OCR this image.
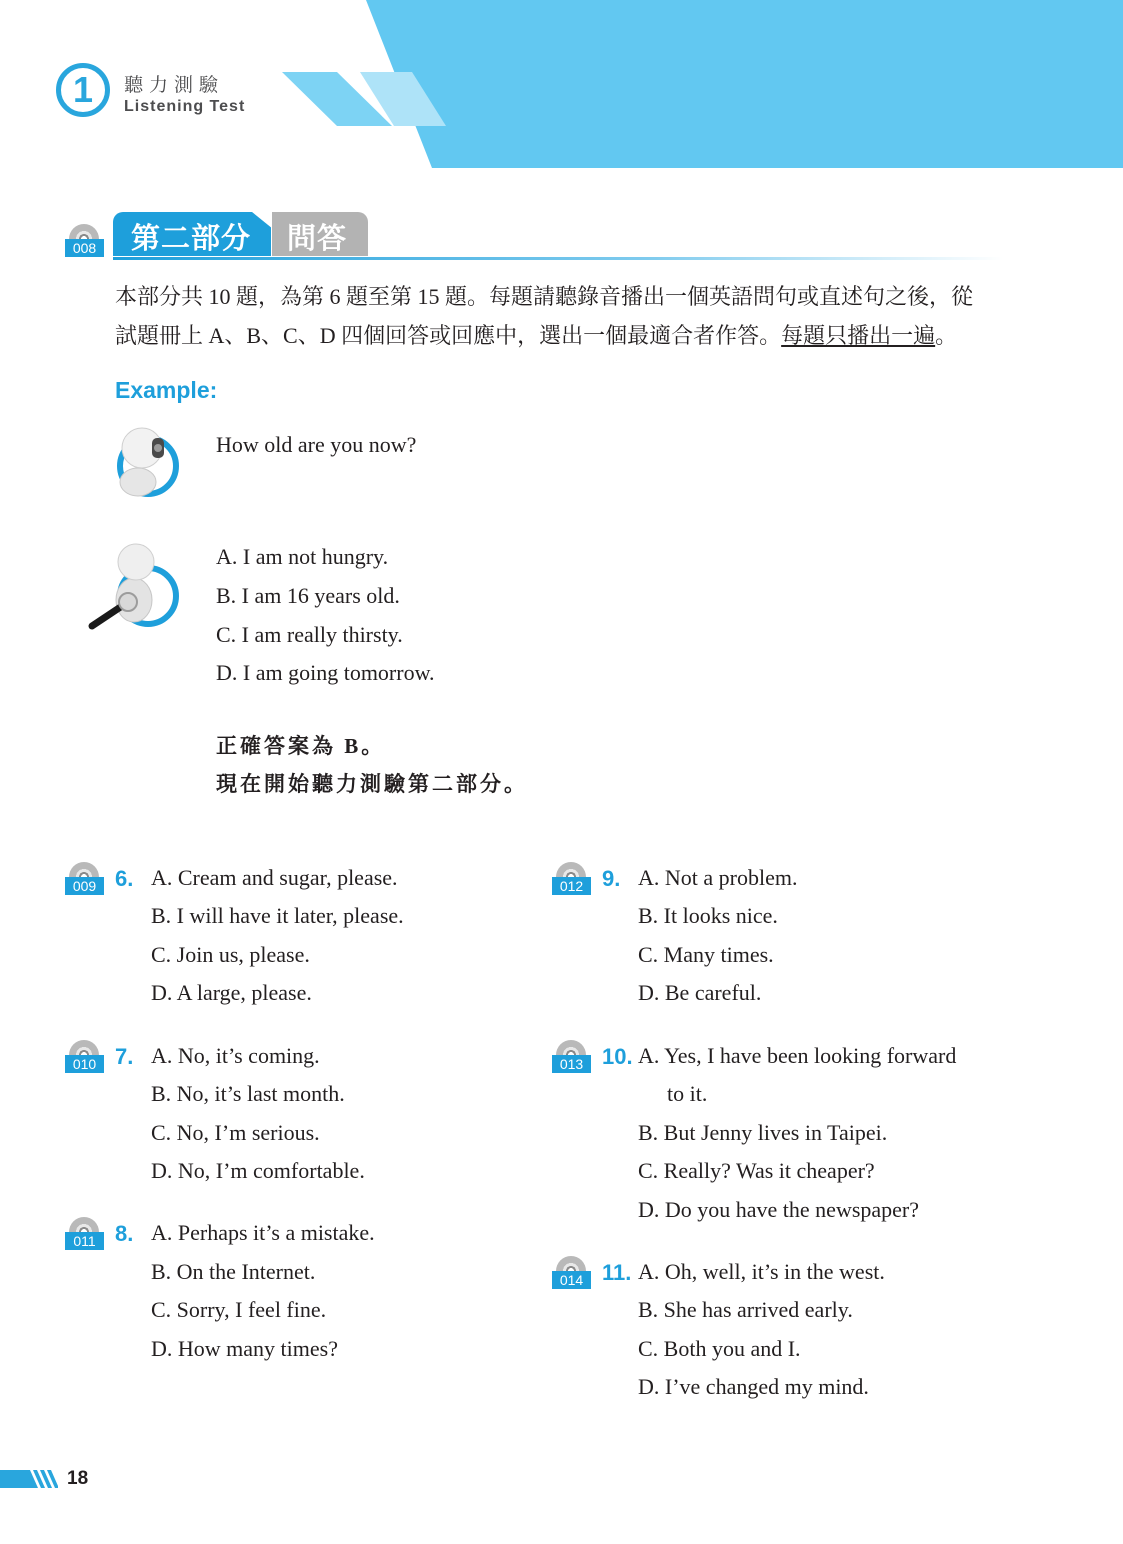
1	聽力測驗
Listening Test
008 第二部分 問答
本部分共 10 題，為第 6 題至第 15 題。每題請聽錄音播出一個英語問句或直述句之後，從
試題冊上 A、B、C、D 四個回答或回應中，選出一個最適合者作答。每題只播出一遍。
Example:
How old are you now?
A. I am not hungry.
B. I am 16 years old.
C. I am really thirsty.
D. I am going tomorrow.
正確答案為 B。
現在開始聽力測驗第二部分。
009 6. A. Cream and sugar, please.
B. I will have it later, please.
C. Join us, please.
D. A large, please.
010 7. A. No, it’s coming.
B. No, it’s last month.
C. No, I’m serious.
D. No, I’m comfortable.
011 8. A. Perhaps it’s a mistake.
B. On the Internet.
C. Sorry, I feel fine.
D. How many times?
012 9. A. Not a problem.
B. It looks nice.
C. Many times.
D. Be careful.
013 10. A. Yes, I have been looking forward
to it.
B. But Jenny lives in Taipei.
C. Really? Was it cheaper?
D. Do you have the newspaper?
014 11. A. Oh, well, it’s in the west.
B. She has arrived early.
C. Both you and I.
D. I’ve changed my mind.
18
